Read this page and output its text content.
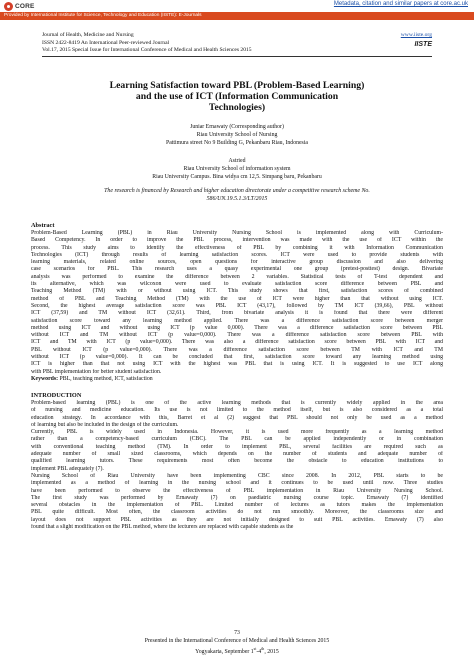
CORE	Metadata, citation and similar papers at core.ac.uk
Provided by International Institute for Science, Technology and Education (IISTE): E-Journals
Journal of Health, Medicine and Nursing
ISSN 2422-8419 An International Peer-reviewed Journal
Vol.17, 2015 Special Issue for International Conference of Medical and Health Sciences 2015
www.iiste.org
IISTE
Learning Satisfaction toward PBL (Problem-Based Learning)
and the use of ICT (Information Communication
Technologies)
Juniar Ernawaty (Corresponding author)
Riau University School of Nursing
Pattimura street No 9 Building G, Pekanbaru Riau, Indonesia
Astried
Riau University School of information system
Riau University Campus. Bina widya cm 12,5. Simpang baru, Pekanbaru
The research is financed by Research and higher education directorate under a competitive research scheme No.
586/UN.19.5.1.3/LT/2015
Abstract
Problem-Based Learning (PBL) in Riau University Nursing School is implemented along with Curriculum-
Based Competency. In order to improve the PBL process, intervention was made with the use of ICT within the
process. This study aims to identify the effectiveness of PBL by combining it with Information Communication
Technologies (ICT) through results of learning satisfaction scores. ICT were used to provide students with
learning materials, related online sources, open questions for interactive group discussion and also delivering
case scenarios for PBL. This research uses a quasy experimental one group (pretest-posttest) design. Bivariate
analysis was performed to examine the difference between 2 variables. Statistical tests of T-test dependent and
its alternative, which was wilcoxon were used to evaluate satisfaction score difference between PBL and
Teaching Method (TM) with or without using ICT. This study shows that first, satisfaction scores of combined
method of PBL and Teaching Method (TM) with the use of ICT were higher than that without using ICT.
Second, the highest average satisfaction score was PBL ICT (43,17), followed by TM ICT (39,66), PBL without
ICT (37,59) and TM without ICT (32,61). Third, from bivariate analysis it is found that there were different
satisfaction score toward any learning method applied. There was a difference satisfaction score between merger
method using ICT and without using ICT (p value 0,000). There was a difference satisfaction score between PBL
without ICT and TM without ICT (p value=0,000). There was a difference satisfaction score between PBL with
ICT and TM with ICT (p value=0,000). There was also a difference satisfaction score between PBL with ICT and
PBL without ICT (p value=0,000). There was a difference satisfaction score between TM with ICT and TM
without ICT (p value=0,000). It can be concluded that first, satisfaction score toward any learning method using
ICT is higher than that not using ICT with the highest was PBL that is using ICT. It is suggested to use ICT along
with PBL implementation for better student satisfaction.
Keywords: PBL, teaching method, ICT, satisfaction
INTRODUCTION
Problem-based learning (PBL) is one of the active learning methods that is currently widely applied in the area
of nursing and medicine education. Its use is not limited to the method itself, but is also considered as a total
education strategy. In accordance with this, Barret et al (2) suggest that PBL should not only be used as a method
of learning but also be included in the design of the curriculum.
Currently, PBL is widely used in Indonesia. However, it is used more frequently as a learning method
rather than a competency-based curriculum (CBC). The PBL can be applied independently or in combination
with conventional teaching method (TM). In order to implement PBL, several facilities are required such as
adequate number of small sized classrooms, which depends on the number of students and adequate number of
qualified learning tutors. These requirements most often become the obstacle to education institutions to
implement PBL adequately (7).
Nursing School of Riau University have been implementing CBC since 2008. In 2012, PBL starts to be
implemented as a method of learning in the nursing school and it continues to be used until now. Three studies
have been performed to observe the effectiveness of PBL implementation in Riau University Nursing School.
The first study was performed by Ernawaty (7) on paediatric nursing course topic. Ernawaty (7) identified
several obstacles in the implementation of PBL. Limited number of lectures as tutors makes the implementation
PBL quite difficult. Most often, the classroom activities do not run smoothly. Moreover, the classrooms size and
layout does not support PBL activities as they are not initially designed to suit PBL activities. Ernawaty (7) also
found that a slight modification on the PBL method, where the lecturers are replaced with capable students as the
73
Presented in the International Conference of Medical and Health Sciences 2015
Yogyakarta, September 1st-4th, 2015
